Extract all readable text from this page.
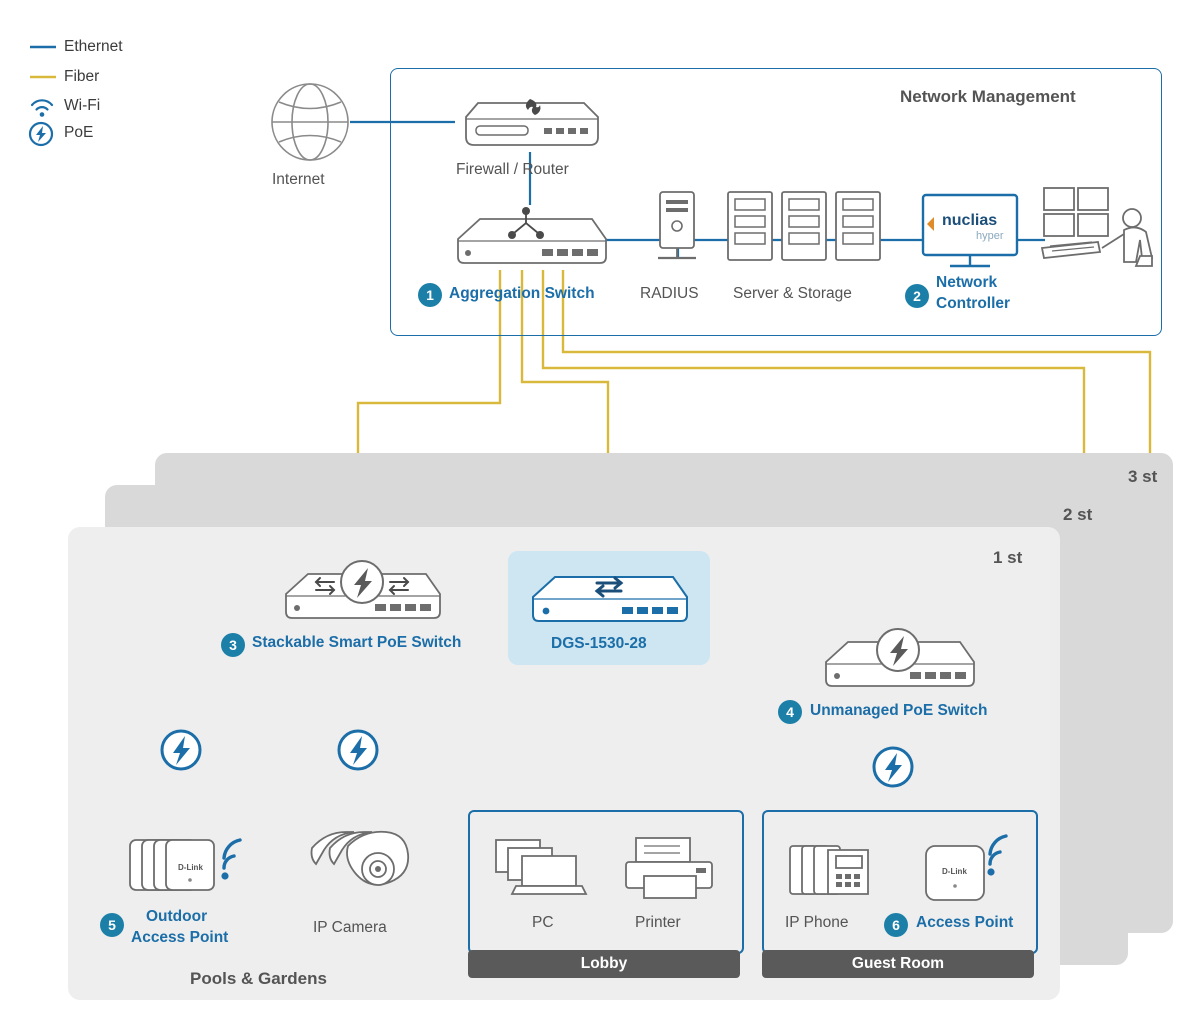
Ethernet
Fiber
Wi-Fi
PoE
Network Management
Internet
Firewall / Router
1 Aggregation Switch	RADIUS Server & Storage
nuclias
hyper
2
Network
Controller
3 st
2 st
1 st
3 Stackable Smart PoE Switch	DGS-1530-28
4	Unmanaged PoE Switch
D-Link
5	Outdoor
Access Point
IP Camera
Lobby
PC	Printer
Guest Room
IP Phone
D-Link
6	Access Point
Pools & Gardens
